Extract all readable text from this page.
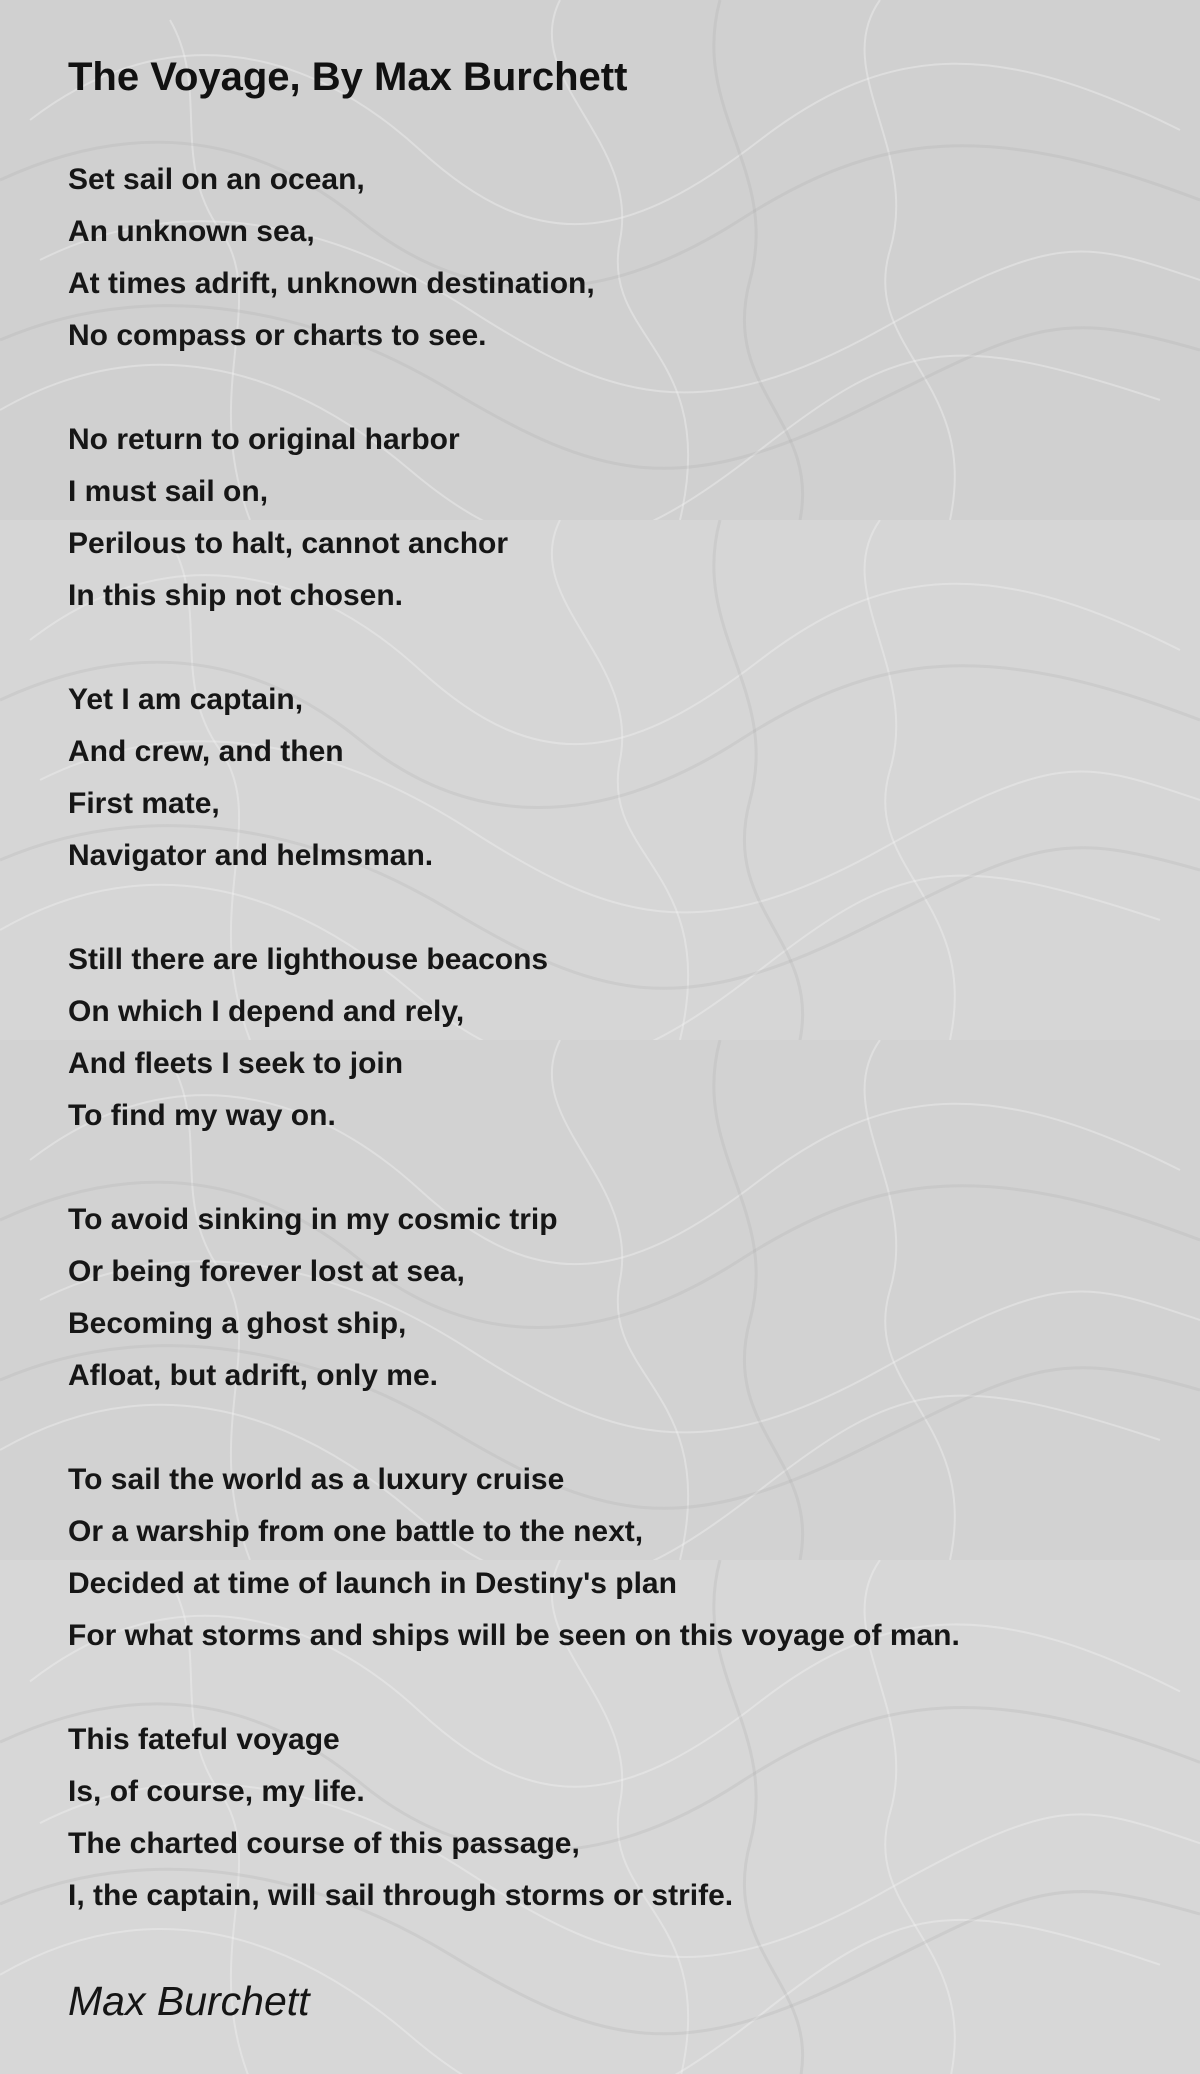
The Voyage, By Max Burchett
Set sail on an ocean,
An unknown sea,
At times adrift, unknown destination,
No compass or charts to see.
No return to original harbor
I must sail on,
Perilous to halt, cannot anchor
In this ship not chosen.
Yet I am captain,
And crew, and then
First mate,
Navigator and helmsman.
Still there are lighthouse beacons
On which I depend and rely,
And fleets I seek to join
To find my way on.
To avoid sinking in my cosmic trip
Or being forever lost at sea,
Becoming a ghost ship,
Afloat, but adrift, only me.
To sail the world as a luxury cruise
Or a warship from one battle to the next,
Decided at time of launch in Destiny's plan
For what storms and ships will be seen on this voyage of man.
This fateful voyage
Is, of course, my life.
The charted course of this passage,
I, the captain, will sail through storms or strife.
Max Burchett
